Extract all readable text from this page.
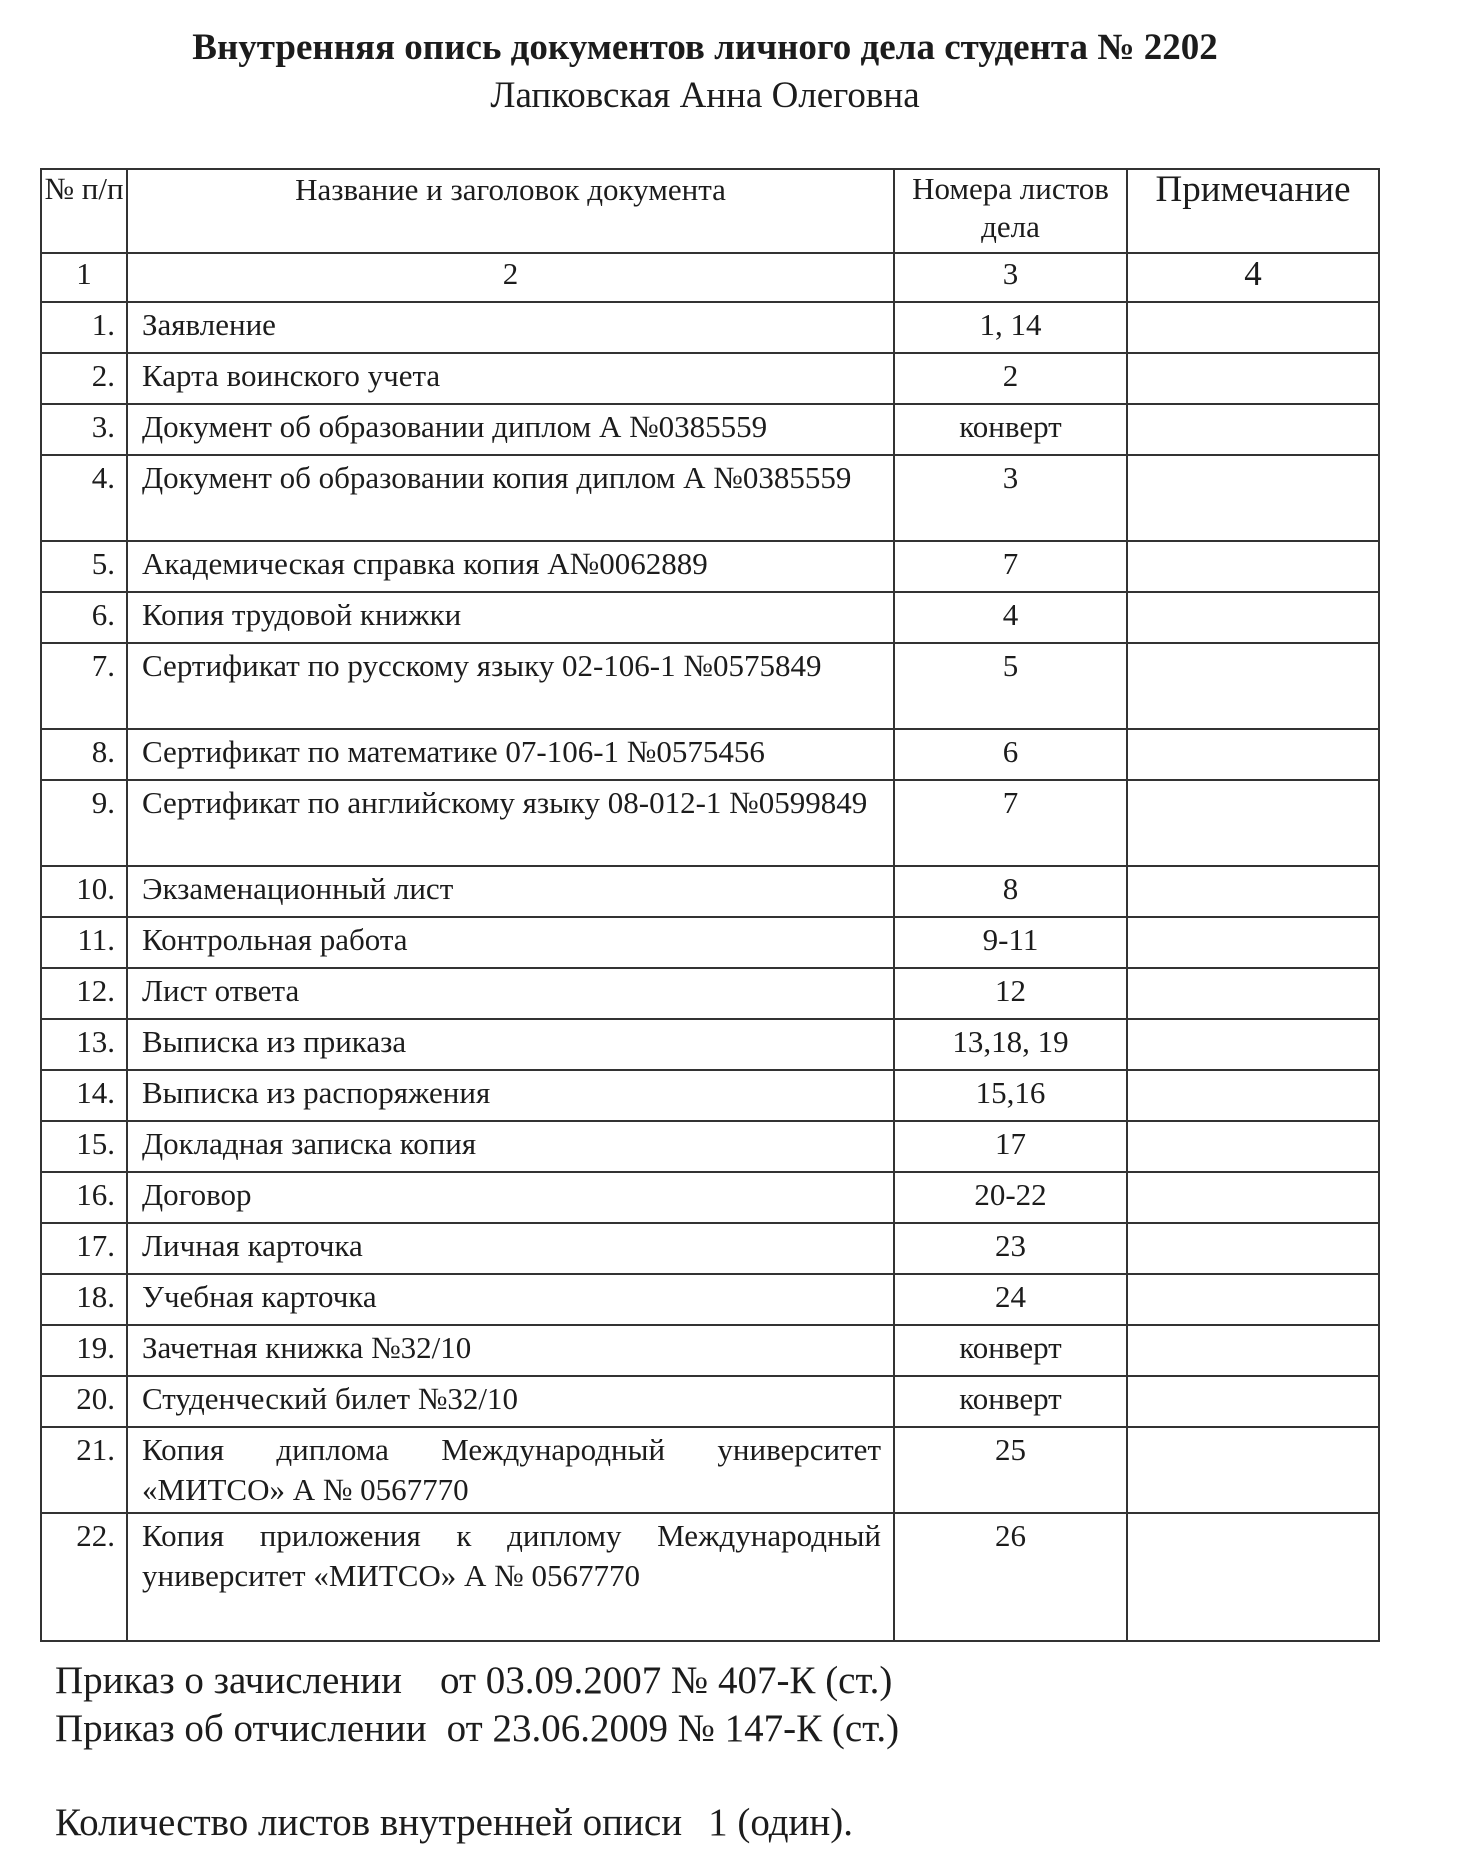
Внутренняя опись документов личного дела студента № 2202
Лапковская Анна Олеговна
№ п/п	Название и заголовок документа	Номера листов дела	Примечание
1	2	3	4
1.	Заявление	1, 14	
2.	Карта воинского учета	2	
3.	Документ об образовании диплом А №0385559	конверт	
4.	Документ об образовании копия диплом А №0385559	3	
5.	Академическая справка копия А№0062889	7	
6.	Копия трудовой книжки	4	
7.	Сертификат по русскому языку 02-106-1 №0575849	5	
8.	Сертификат по математике 07-106-1 №0575456	6	
9.	Сертификат по английскому языку 08-012-1 №0599849	7	
10.	Экзаменационный лист	8	
11.	Контрольная работа	9-11	
12.	Лист ответа	12	
13.	Выписка из приказа	13,18, 19	
14.	Выписка из распоряжения	15,16	
15.	Докладная записка копия	17	
16.	Договор	20-22	
17.	Личная карточка	23	
18.	Учебная карточка	24	
19.	Зачетная книжка №32/10	конверт	
20.	Студенческий билет №32/10	конверт	
21.	Копия диплома Международный университет «МИТСО» А № 0567770	25	
22.	Копия приложения к диплому Международный университет «МИТСО» А № 0567770	26	
Приказ о зачислении от 03.09.2007 № 407-К (ст.)
Приказ об отчислении от 23.06.2009 № 147-К (ст.)
Количество листов внутренней описи 1 (один).
